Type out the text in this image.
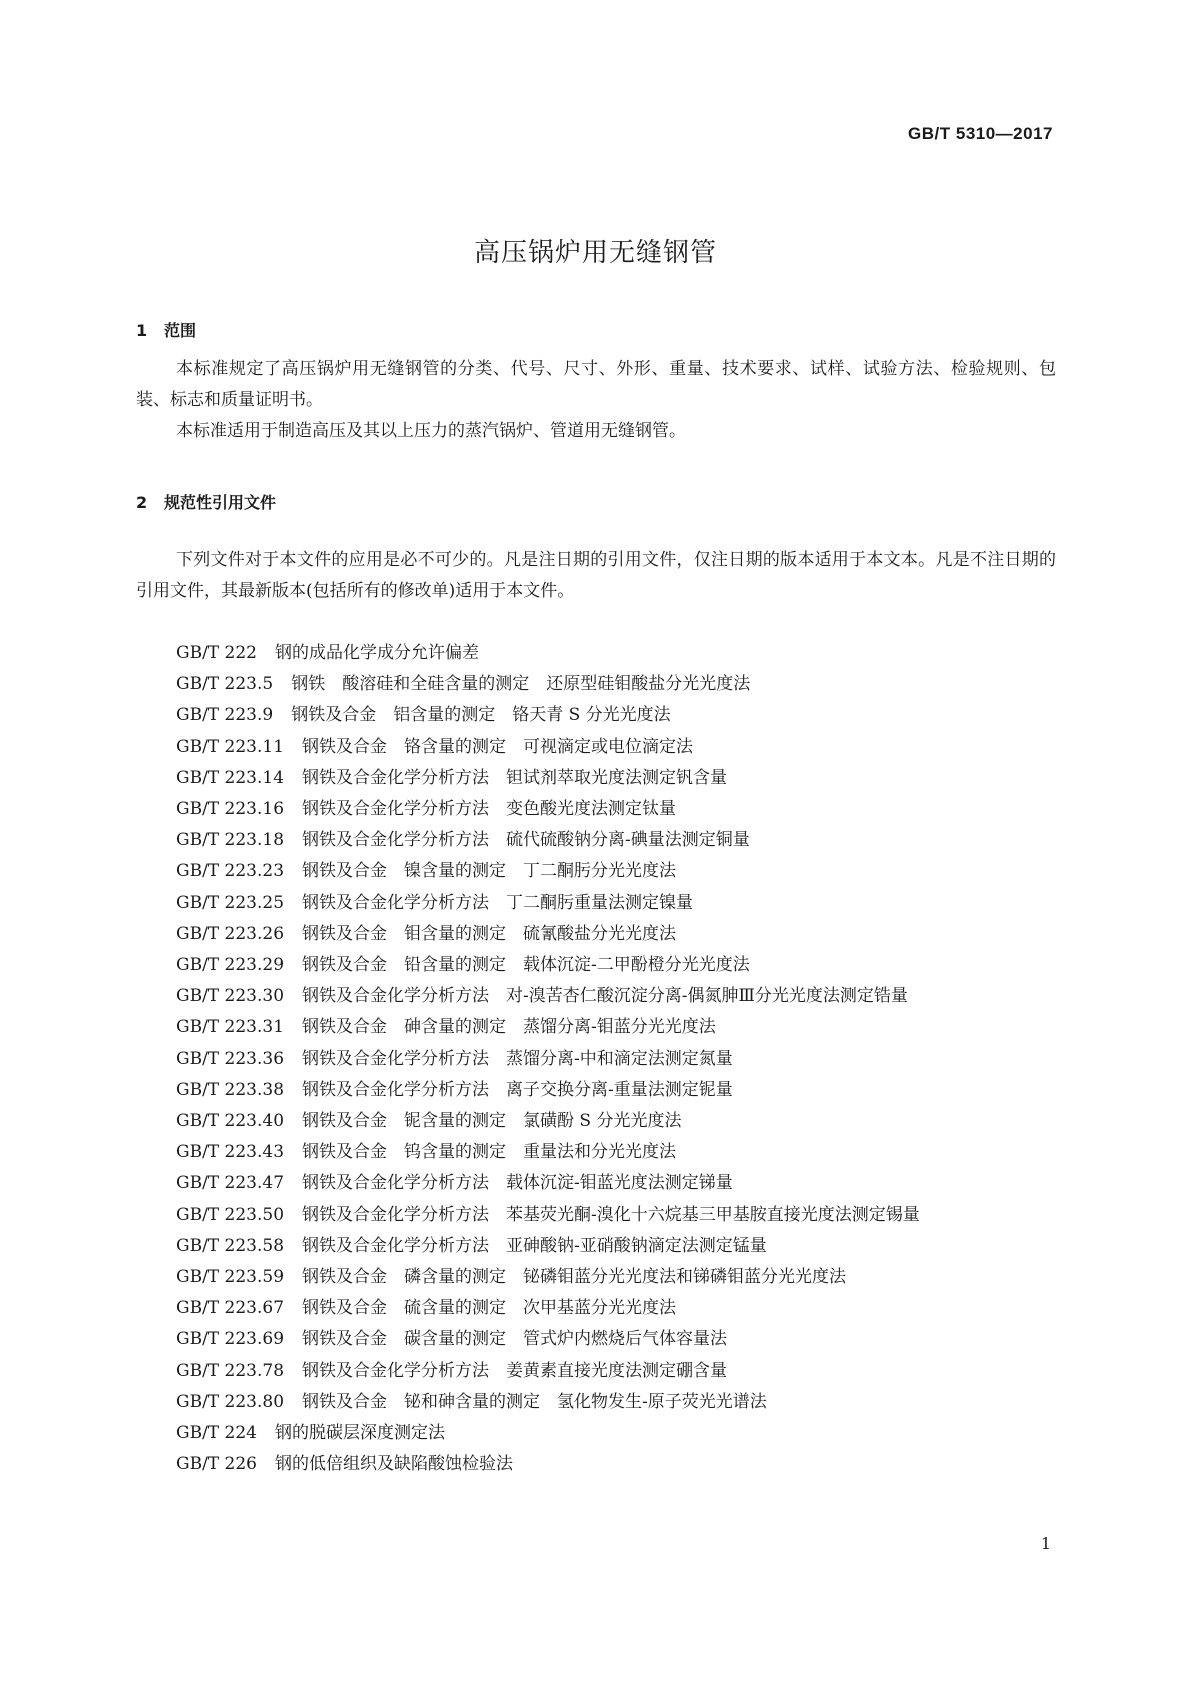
GB/T 5310—2017
高压锅炉用无缝钢管
1 范围

本标准规定了高压锅炉用无缝钢管的分类、代号、尺寸、外形、重量、技术要求、试样、试验方法、检验规则、包装、标志和质量证明书。

本标准适用于制造高压及其以上压力的蒸汽锅炉、管道用无缝钢管。

2 规范性引用文件

下列文件对于本文件的应用是必不可少的。凡是注日期的引用文件，仅注日期的版本适用于本文本。凡是不注日期的引用文件，其最新版本(包括所有的修改单)适用于本文件。

GB/T 222 钢的成品化学成分允许偏差
GB/T 223.5 钢铁　酸溶硅和全硅含量的测定　还原型硅钼酸盐分光光度法
GB/T 223.9 钢铁及合金　铝含量的测定　铬天青 S 分光光度法
GB/T 223.11 钢铁及合金　铬含量的测定　可视滴定或电位滴定法
GB/T 223.14 钢铁及合金化学分析方法　钽试剂萃取光度法测定钒含量
GB/T 223.16 钢铁及合金化学分析方法　变色酸光度法测定钛量
GB/T 223.18 钢铁及合金化学分析方法　硫代硫酸钠分离-碘量法测定铜量
GB/T 223.23 钢铁及合金　镍含量的测定　丁二酮肟分光光度法
GB/T 223.25 钢铁及合金化学分析方法　丁二酮肟重量法测定镍量
GB/T 223.26 钢铁及合金　钼含量的测定　硫氰酸盐分光光度法
GB/T 223.29 钢铁及合金　铅含量的测定　载体沉淀-二甲酚橙分光光度法
GB/T 223.30 钢铁及合金化学分析方法　对-溴苦杏仁酸沉淀分离-偶氮胂Ⅲ分光光度法测定锆量
GB/T 223.31 钢铁及合金　砷含量的测定　蒸馏分离-钼蓝分光光度法
GB/T 223.36 钢铁及合金化学分析方法　蒸馏分离-中和滴定法测定氮量
GB/T 223.38 钢铁及合金化学分析方法　离子交换分离-重量法测定铌量
GB/T 223.40 钢铁及合金　铌含量的测定　氯磺酚 S 分光光度法
GB/T 223.43 钢铁及合金　钨含量的测定　重量法和分光光度法
GB/T 223.47 钢铁及合金化学分析方法　载体沉淀-钼蓝光度法测定锑量
GB/T 223.50 钢铁及合金化学分析方法　苯基荧光酮-溴化十六烷基三甲基胺直接光度法测定锡量
GB/T 223.58 钢铁及合金化学分析方法　亚砷酸钠-亚硝酸钠滴定法测定锰量
GB/T 223.59 钢铁及合金　磷含量的测定　铋磷钼蓝分光光度法和锑磷钼蓝分光光度法
GB/T 223.67 钢铁及合金　硫含量的测定　次甲基蓝分光光度法
GB/T 223.69 钢铁及合金　碳含量的测定　管式炉内燃烧后气体容量法
GB/T 223.78 钢铁及合金化学分析方法　姜黄素直接光度法测定硼含量
GB/T 223.80 钢铁及合金　铋和砷含量的测定　氢化物发生-原子荧光光谱法
GB/T 224 钢的脱碳层深度测定法
GB/T 226 钢的低倍组织及缺陷酸蚀检验法
1
